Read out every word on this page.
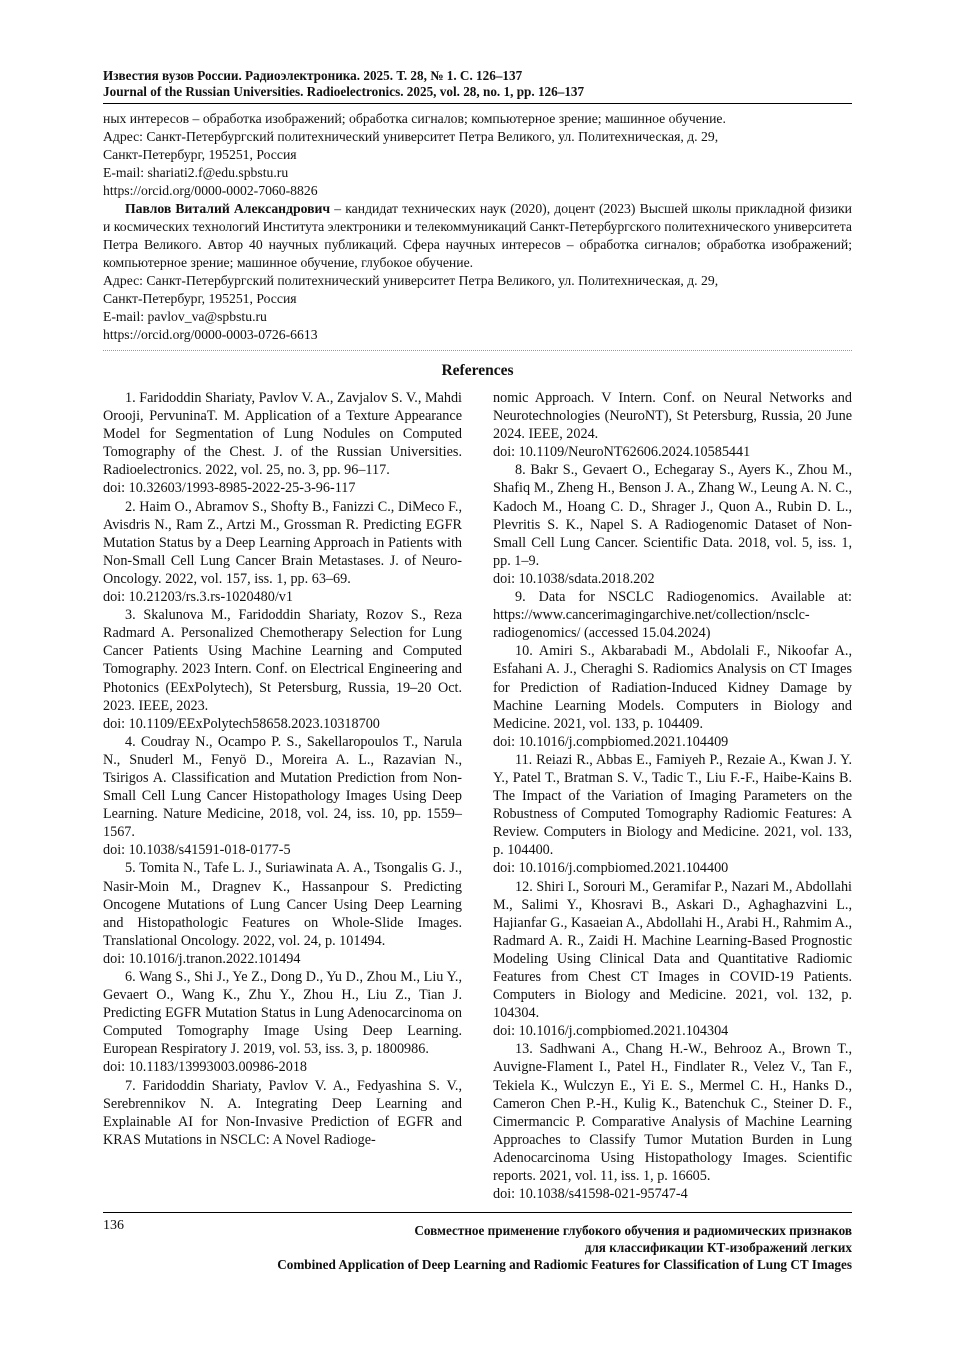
Известия вузов России. Радиоэлектроника. 2025. Т. 28, № 1. С. 126–137

Journal of the Russian Universities. Radioelectronics. 2025, vol. 28, no. 1, pp. 126–137

ных интересов – обработка изображений; обработка сигналов; компьютерное зрение; машинное обучение.

Адрес: Санкт-Петербургский политехнический университет Петра Великого, ул. Политехническая, д. 29,

Санкт-Петербург, 195251, Россия

E-mail: shariati2.f@edu.spbstu.ru

https://orcid.org/0000-0002-7060-8826

Павлов Виталий Александрович – кандидат технических наук (2020), доцент (2023) Высшей школы прикладной физики и космических технологий Института электроники и телекоммуникаций Санкт-Петербургского политехнического университета Петра Великого. Автор 40 научных публикаций. Сфера научных интересов – обработка сигналов; обработка изображений; компьютерное зрение; машинное обучение, глубокое обучение.

Адрес: Санкт-Петербургский политехнический университет Петра Великого, ул. Политехническая, д. 29,

Санкт-Петербург, 195251, Россия

E-mail: pavlov_va@spbstu.ru

https://orcid.org/0000-0003-0726-6613

References

1. Faridoddin Shariaty, Pavlov V. A., Zavjalov S. V., Mahdi Orooji, PervuninaT. M. Application of a Texture Appearance Model for Segmentation of Lung Nodules on Computed Tomography of the Chest. J. of the Russian Universities. Radioelectronics. 2022, vol. 25, no. 3, pp. 96–117.

doi: 10.32603/1993-8985-2022-25-3-96-117

2. Haim O., Abramov S., Shofty B., Fanizzi C., DiMeco F., Avisdris N., Ram Z., Artzi M., Grossman R. Predicting EGFR Mutation Status by a Deep Learning Approach in Patients with Non-Small Cell Lung Cancer Brain Metastases. J. of Neuro-Oncology. 2022, vol. 157, iss. 1, pp. 63–69.

doi: 10.21203/rs.3.rs-1020480/v1

3. Skalunova M., Faridoddin Shariaty, Rozov S., Reza Radmard A. Personalized Chemotherapy Selection for Lung Cancer Patients Using Machine Learning and Computed Tomography. 2023 Intern. Conf. on Electrical Engineering and Photonics (EExPolytech), St Petersburg, Russia, 19–20 Oct. 2023. IEEE, 2023.

doi: 10.1109/EExPolytech58658.2023.10318700

4. Coudray N., Ocampo P. S., Sakellaropoulos T., Narula N., Snuderl M., Fenyö D., Moreira A. L., Razavian N., Tsirigos A. Classification and Mutation Prediction from Non-Small Cell Lung Cancer Histopathology Images Using Deep Learning. Nature Medicine, 2018, vol. 24, iss. 10, pp. 1559–1567.

doi: 10.1038/s41591-018-0177-5

5. Tomita N., Tafe L. J., Suriawinata A. A., Tsongalis G. J., Nasir-Moin M., Dragnev K., Hassanpour S. Predicting Oncogene Mutations of Lung Cancer Using Deep Learning and Histopathologic Features on Whole-Slide Images. Translational Oncology. 2022, vol. 24, p. 101494.

doi: 10.1016/j.tranon.2022.101494

6. Wang S., Shi J., Ye Z., Dong D., Yu D., Zhou M., Liu Y., Gevaert O., Wang K., Zhu Y., Zhou H., Liu Z., Tian J. Predicting EGFR Mutation Status in Lung Adenocarcinoma on Computed Tomography Image Using Deep Learning. European Respiratory J. 2019, vol. 53, iss. 3, p. 1800986.

doi: 10.1183/13993003.00986-2018

7. Faridoddin Shariaty, Pavlov V. A., Fedyashina S. V., Serebrennikov N. A. Integrating Deep Learning and Explainable AI for Non-Invasive Prediction of EGFR and KRAS Mutations in NSCLC: A Novel Radioge-

nomic Approach. V Intern. Conf. on Neural Networks and Neurotechnologies (NeuroNT), St Petersburg, Russia, 20 June 2024. IEEE, 2024.

doi: 10.1109/NeuroNT62606.2024.10585441

8. Bakr S., Gevaert O., Echegaray S., Ayers K., Zhou M., Shafiq M., Zheng H., Benson J. A., Zhang W., Leung A. N. C., Kadoch M., Hoang C. D., Shrager J., Quon A., Rubin D. L., Plevritis S. K., Napel S. A Radiogenomic Dataset of Non-Small Cell Lung Cancer. Scientific Data. 2018, vol. 5, iss. 1, pp. 1–9.

doi: 10.1038/sdata.2018.202

9. Data for NSCLC Radiogenomics. Available at: https://www.cancerimagingarchive.net/collection/nsclc-radiogenomics/ (accessed 15.04.2024)

10. Amiri S., Akbarabadi M., Abdolali F., Nikoofar A., Esfahani A. J., Cheraghi S. Radiomics Analysis on CT Images for Prediction of Radiation-Induced Kidney Damage by Machine Learning Models. Computers in Biology and Medicine. 2021, vol. 133, p. 104409.

doi: 10.1016/j.compbiomed.2021.104409

11. Reiazi R., Abbas E., Famiyeh P., Rezaie A., Kwan J. Y. Y., Patel T., Bratman S. V., Tadic T., Liu F.-F., Haibe-Kains B. The Impact of the Variation of Imaging Parameters on the Robustness of Computed Tomography Radiomic Features: A Review. Computers in Biology and Medicine. 2021, vol. 133, p. 104400.

doi: 10.1016/j.compbiomed.2021.104400

12. Shiri I., Sorouri M., Geramifar P., Nazari M., Abdollahi M., Salimi Y., Khosravi B., Askari D., Aghaghazvini L., Hajianfar G., Kasaeian A., Abdollahi H., Arabi H., Rahmim A., Radmard A. R., Zaidi H. Machine Learning-Based Prognostic Modeling Using Clinical Data and Quantitative Radiomic Features from Chest CT Images in COVID-19 Patients. Computers in Biology and Medicine. 2021, vol. 132, p. 104304.

doi: 10.1016/j.compbiomed.2021.104304

13. Sadhwani A., Chang H.-W., Behrooz A., Brown T., Auvigne-Flament I., Patel H., Findlater R., Velez V., Tan F., Tekiela K., Wulczyn E., Yi E. S., Mermel C. H., Hanks D., Cameron Chen P.-H., Kulig K., Batenchuk C., Steiner D. F., Cimermancic P. Comparative Analysis of Machine Learning Approaches to Classify Tumor Mutation Burden in Lung Adenocarcinoma Using Histopathology Images. Scientific reports. 2021, vol. 11, iss. 1, p. 16605.

doi: 10.1038/s41598-021-95747-4

136	Совместное применение глубокого обучения и радиомических признаков
для классификации КТ-изображений легких
Combined Application of Deep Learning and Radiomic Features for Classification of Lung CT Images
